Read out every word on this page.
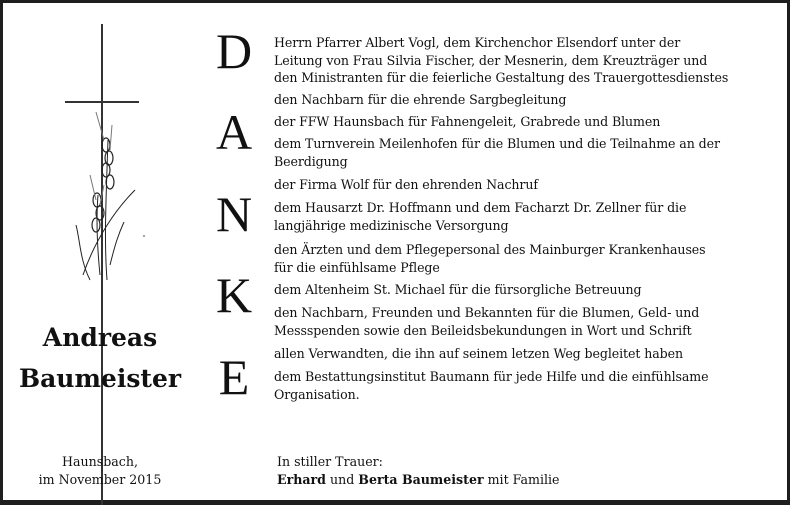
D
A
N
K
E
Herrn Pfarrer Albert Vogl, dem Kirchenchor Elsendorf unter der
Leitung von Frau Silvia Fischer, der Mesnerin, dem Kreuzträger und
den Ministranten für die feierliche Gestaltung des Trauergottesdienstes
den Nachbarn für die ehrende Sargbegleitung
der FFW Haunsbach für Fahnengeleit, Grabrede und Blumen
dem Turnverein Meilenhofen für die Blumen und die Teilnahme an der
Beerdigung
der Firma Wolf für den ehrenden Nachruf
dem Hausarzt Dr. Hoffmann und dem Facharzt Dr. Zellner für die
langjährige medizinische Versorgung
den Ärzten und dem Pflegepersonal des Mainburger Krankenhauses
für die einfühlsame Pflege
dem Altenheim St. Michael für die fürsorgliche Betreuung
den Nachbarn, Freunden und Bekannten für die Blumen, Geld- und
Messspenden sowie den Beileidsbekundungen in Wort und Schrift
allen Verwandten, die ihn auf seinem letzen Weg begleitet haben
dem Bestattungsinstitut Baumann für jede Hilfe und die einfühlsame
Organisation.
Andreas
Baumeister
Haunsbach,
im November 2015
In stiller Trauer:
Erhard und Berta Baumeister mit Familie
